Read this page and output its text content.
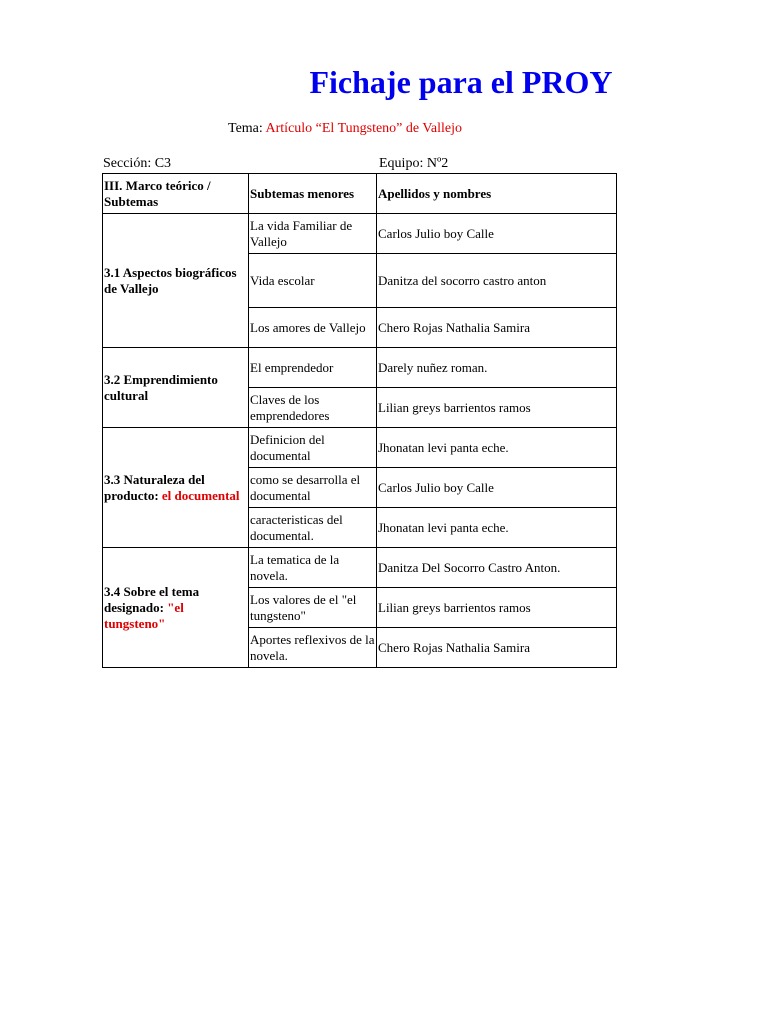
Fichaje para el PROY
Tema: Artículo “El Tungsteno” de Vallejo
Sección: C3	Equipo: Nº2
III. Marco teórico / Subtemas	Subtemas menores	Apellidos y nombres
3.1 Aspectos biográficos de Vallejo	La vida Familiar de Vallejo	Carlos Julio boy Calle
	Vida escolar	Danitza del socorro castro anton
	Los amores de Vallejo	Chero Rojas Nathalia Samira
3.2 Emprendimiento cultural	El emprendedor	Darely nuñez roman.
	Claves de los emprendedores	Lilian greys barrientos ramos
3.3 Naturaleza del producto: el documental	Definicion del documental	Jhonatan levi panta eche.
	como se desarrolla el documental	Carlos Julio boy Calle
	caracteristicas del documental.	Jhonatan levi panta eche.
3.4 Sobre el tema designado: "el tungsteno"	La tematica de la novela.	Danitza Del Socorro Castro Anton.
	Los valores de el "el tungsteno"	Lilian greys barrientos ramos
	Aportes reflexivos de la novela.	Chero Rojas Nathalia Samira
